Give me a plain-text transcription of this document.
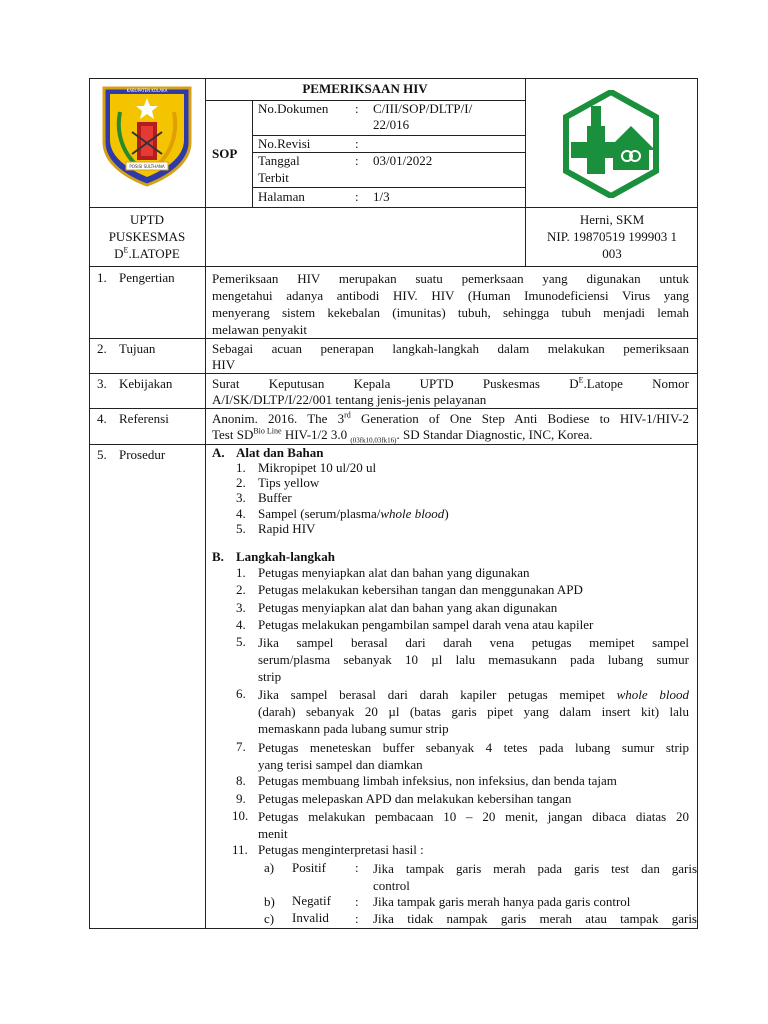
KABUPATEN KOLAKA
POSISI SULTHANA
PEMERIKSAAN HIV
SOP
No.Dokumen : C/III/SOP/DLTP/I/
22/016
No.Revisi	:
Tanggal
Terbit
: 03/01/2022
Halaman	: 1/3
UPTD
PUSKESMAS
$D^E.LATOPE$
Herni, SKM
NIP. 19870519 199903 1
003
1. Pengertian
2. Tujuan
3. Kebijakan
4. Referensi
5. Prosedur
Pemeriksaan HIV merupakan suatu pemerksaan yang digunakan untuk
mengetahui adanya antibodi HIV. HIV (Human Imunodeficiensi Virus yang
menyerang sistem kekebalan (imunitas) tubuh, sehingga tubuh menjadi lemah
melawan penyakit
Sebagai acuan penerapan langkah-langkah dalam melakukan pemeriksaan
HIV
Surat Keputusan Kepala UPTD Puskesmas $D^E.Latope$ Nomor
A/I/SK/DLTP/I/22/001 tentang jenis-jenis pelayanan
Anonim. 2016. The 3rd Generation of One Step Anti Bodiese to HIV-1/HIV-2
Test $SD^{Bio Line}$ HIV-1/2 3.0 $_{(03fk10,03fk16)}$. SD Standar Diagnostic, INC, Korea.
A. Alat dan Bahan
1. Mikropipet 10 ul/20 ul
2. Tips yellow
3. Buffer
4. Sampel (serum/plasma/whole blood)
5. Rapid HIV
B. Langkah-langkah
1. Petugas menyiapkan alat dan bahan yang digunakan
2. Petugas melakukan kebersihan tangan dan menggunakan APD
3. Petugas menyiapkan alat dan bahan yang akan digunakan
4. Petugas melakukan pengambilan sampel darah vena atau kapiler
5. Jika sampel berasal dari darah vena petugas memipet sampel
serum/plasma sebanyak 10 µl lalu memasukann pada lubang sumur
strip
6. Jika sampel berasal dari darah kapiler petugas memipet whole blood
(darah) sebanyak 20 µl (batas garis pipet yang dalam insert kit) lalu
memaskann pada lubang sumur strip
7. Petugas meneteskan buffer sebanyak 4 tetes pada lubang sumur strip
yang terisi sampel dan diamkan
8. Petugas membuang limbah infeksius, non infeksius, dan benda tajam
9. Petugas melepaskan APD dan melakukan kebersihan tangan
10. Petugas melakukan pembacaan 10 – 20 menit, jangan dibaca diatas 20
menit
11. Petugas menginterpretasi hasil :
a) Positif : Jika tampak garis merah pada garis test dan garis
control
b) Negatif : Jika tampak garis merah hanya pada garis control
c) Invalid : Jika tidak nampak garis merah atau tampak garis
